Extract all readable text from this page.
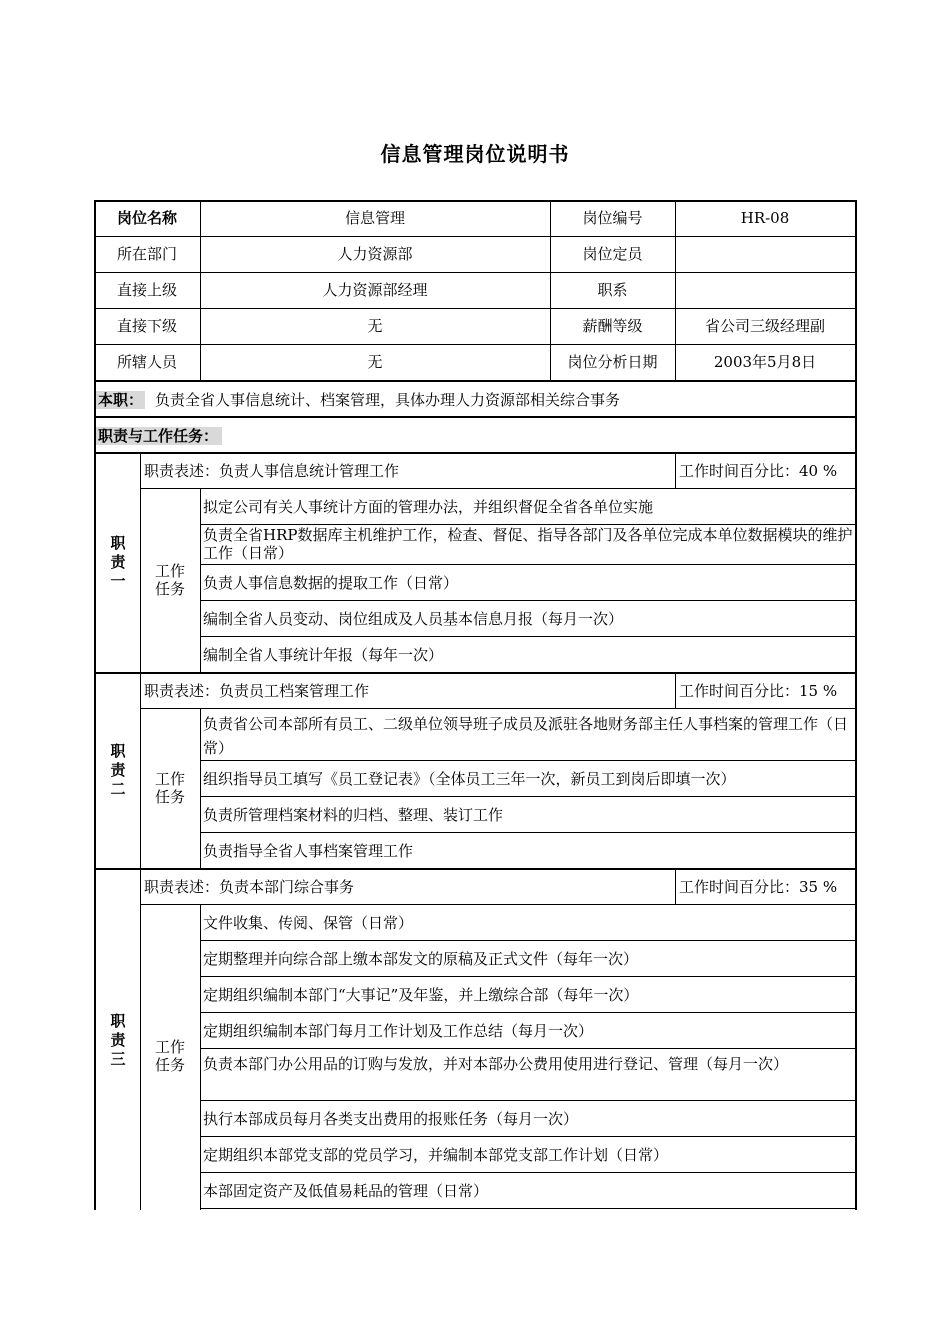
信息管理岗位说明书
岗位名称	信息管理	岗位编号	HR-08
所在部门	人力资源部	岗位定员
直接上级	人力资源部经理	职系
直接下级	无	薪酬等级	省公司三级经理副
所辖人员	无	岗位分析日期	2003年5月8日
本职： 负责全省人事信息统计、档案管理，具体办理人力资源部相关综合事务
职责与工作任务：
职
责
一
职责表述：负责人事信息统计管理工作	工作时间百分比：40 %
工作
任务
拟定公司有关人事统计方面的管理办法，并组织督促全省各单位实施
负责全省HRP数据库主机维护工作，检查、督促、指导各部门及各单位完成本单位数据模块的维护工作（日常）
负责人事信息数据的提取工作（日常）
编制全省人员变动、岗位组成及人员基本信息月报（每月一次）
编制全省人事统计年报（每年一次）
职
责
二
职责表述：负责员工档案管理工作	工作时间百分比：15 %
工作
任务
负责省公司本部所有员工、二级单位领导班子成员及派驻各地财务部主任人事档案的管理工作（日常）
组织指导员工填写《员工登记表》（全体员工三年一次，新员工到岗后即填一次）
负责所管理档案材料的归档、整理、装订工作
负责指导全省人事档案管理工作
职
责
三
职责表述：负责本部门综合事务	工作时间百分比：35 %
工作
任务
文件收集、传阅、保管（日常）
定期整理并向综合部上缴本部发文的原稿及正式文件（每年一次）
定期组织编制本部门“大事记”及年鉴，并上缴综合部（每年一次）
定期组织编制本部门每月工作计划及工作总结（每月一次）
负责本部门办公用品的订购与发放，并对本部办公费用使用进行登记、管理（每月一次）
执行本部成员每月各类支出费用的报账任务（每月一次）
定期组织本部党支部的党员学习，并编制本部党支部工作计划（日常）
本部固定资产及低值易耗品的管理（日常）
